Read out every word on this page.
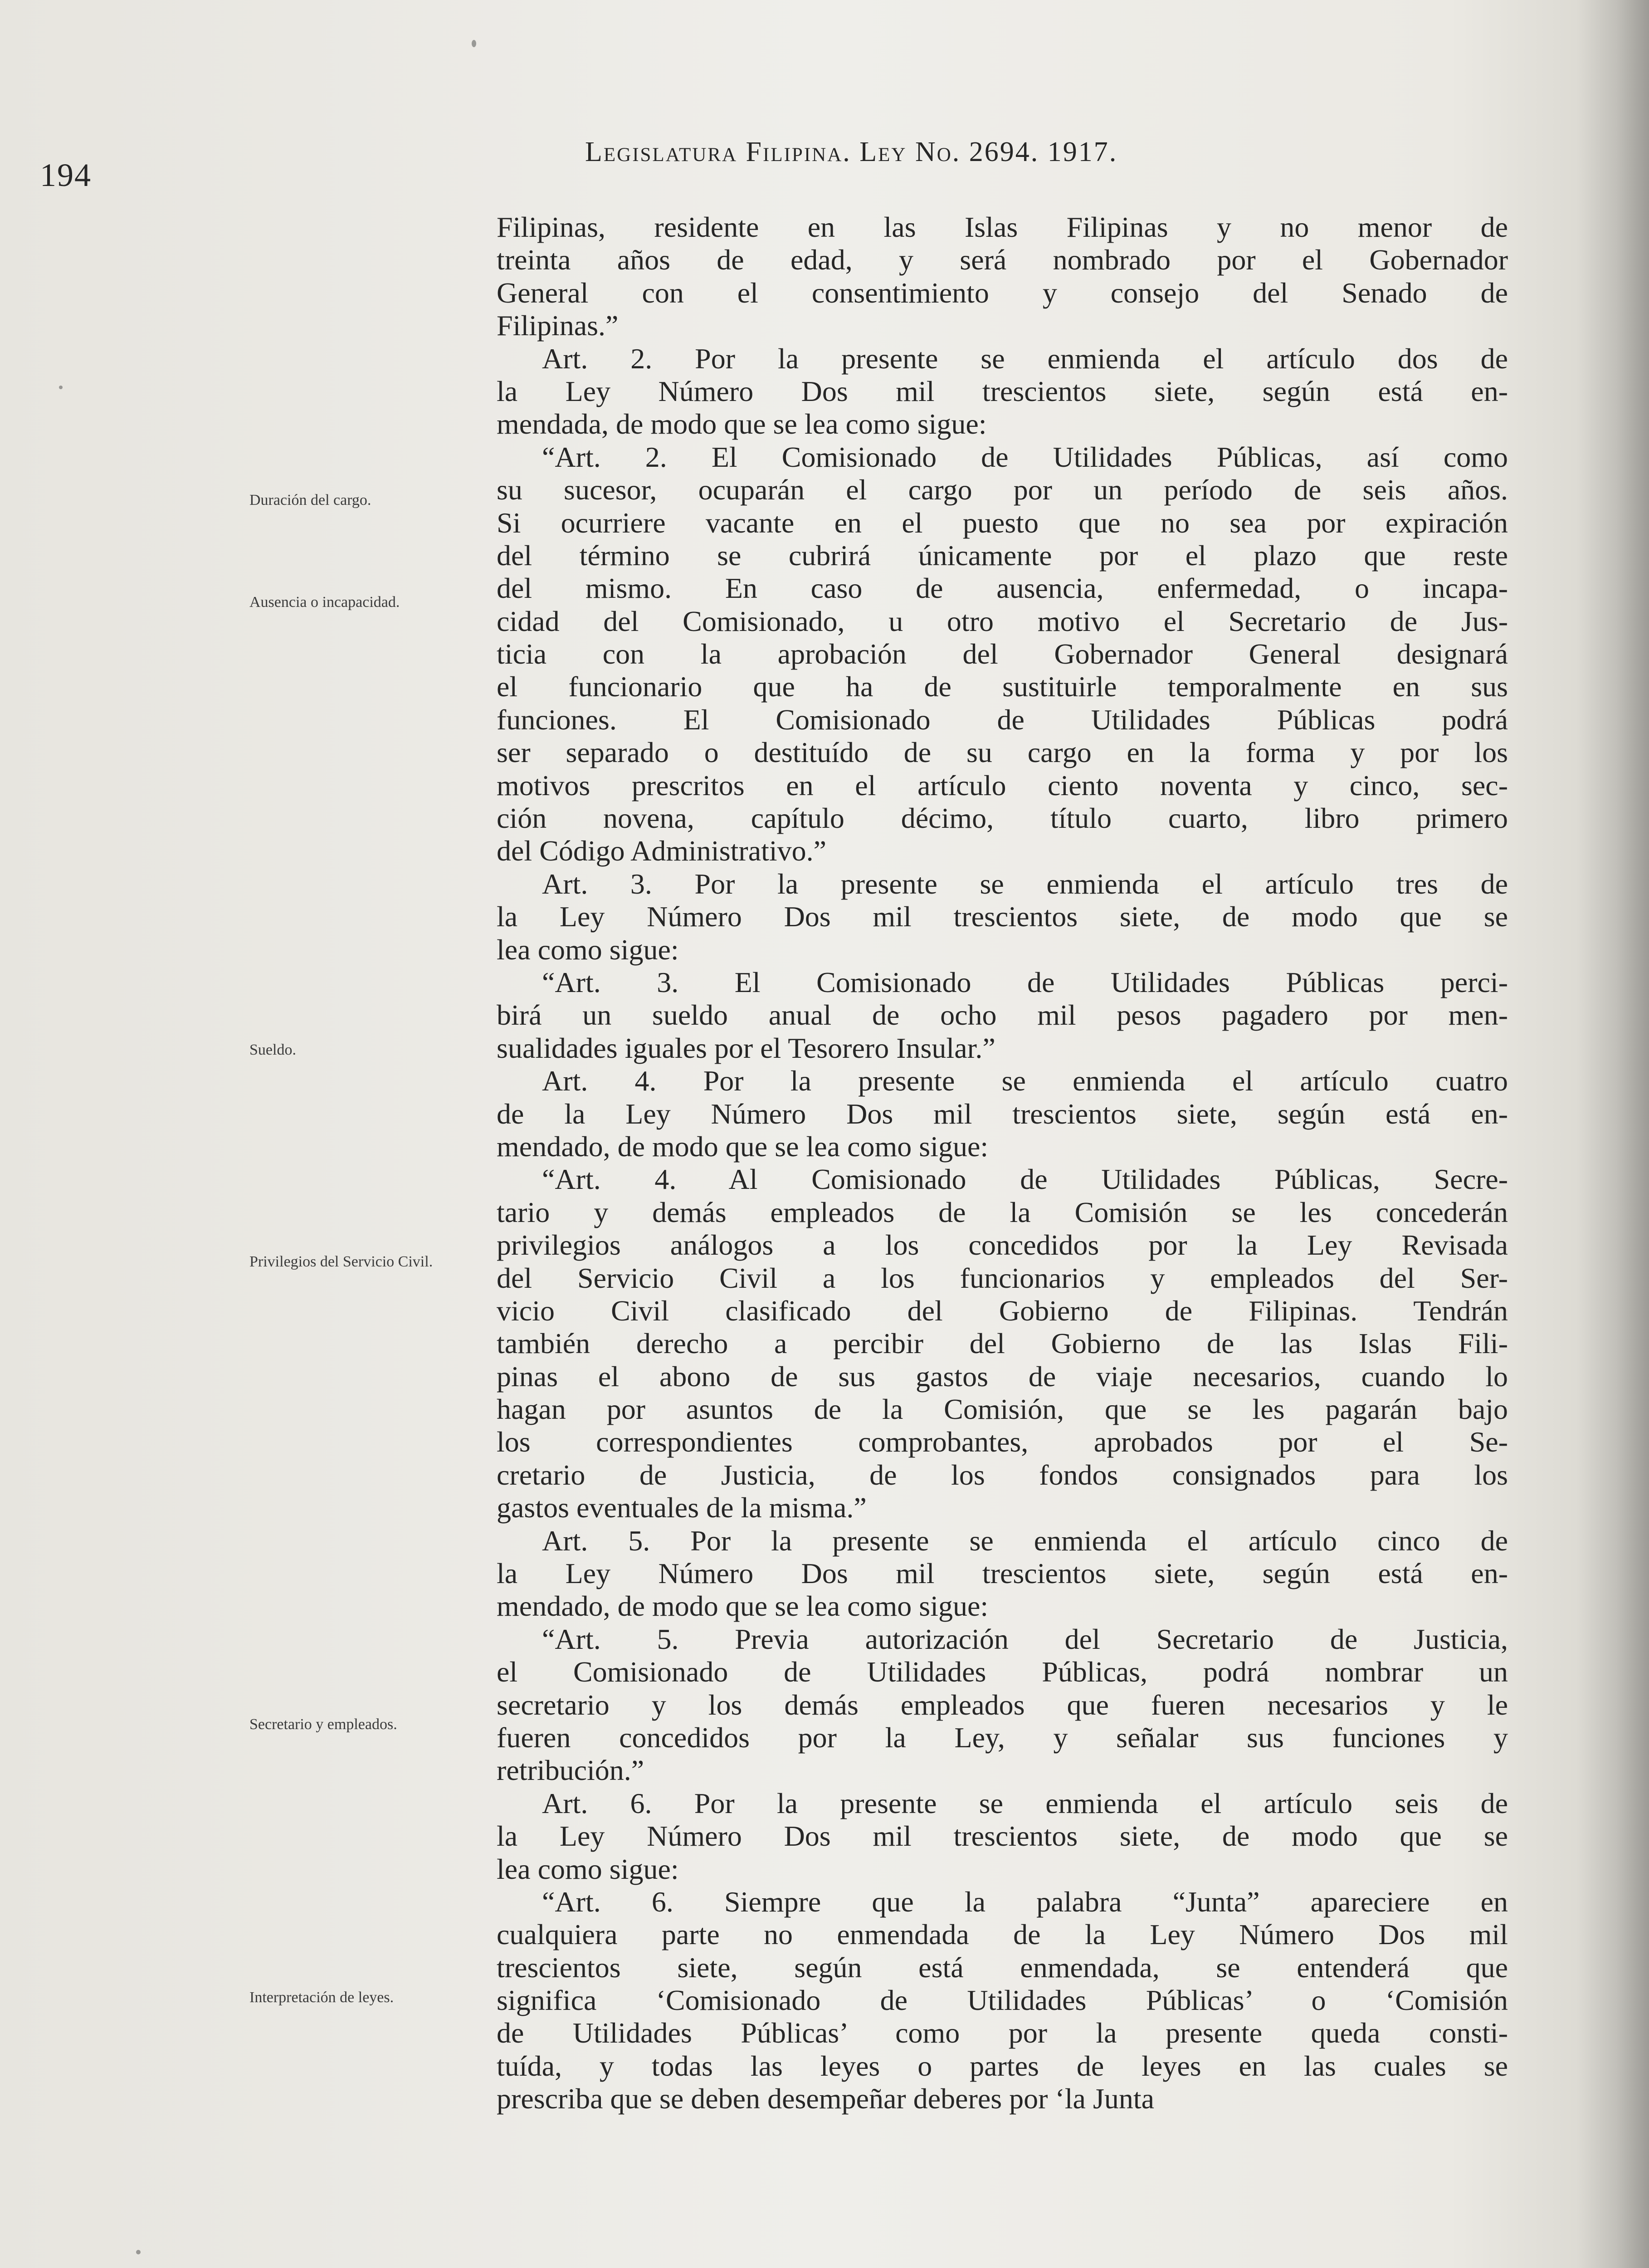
194
Legislatura Filipina. Ley No. 2694. 1917.
Duración del cargo.
Ausencia o incapacidad.
Sueldo.
Privilegios del Servicio Civil.
Secretario y empleados.
Interpretación de leyes.
Filipinas, residente en las Islas Filipinas y no menor de
treinta años de edad, y será nombrado por el Gobernador
General con el consentimiento y consejo del Senado de
Filipinas.”
Art. 2. Por la presente se enmienda el artículo dos de
la Ley Número Dos mil trescientos siete, según está en-
mendada, de modo que se lea como sigue:
“Art. 2. El Comisionado de Utilidades Públicas, así como
su sucesor, ocuparán el cargo por un período de seis años.
Si ocurriere vacante en el puesto que no sea por expiración
del término se cubrirá únicamente por el plazo que reste
del mismo. En caso de ausencia, enfermedad, o incapa-
cidad del Comisionado, u otro motivo el Secretario de Jus-
ticia con la aprobación del Gobernador General designará
el funcionario que ha de sustituirle temporalmente en sus
funciones. El Comisionado de Utilidades Públicas podrá
ser separado o destituído de su cargo en la forma y por los
motivos prescritos en el artículo ciento noventa y cinco, sec-
ción novena, capítulo décimo, título cuarto, libro primero
del Código Administrativo.”
Art. 3. Por la presente se enmienda el artículo tres de
la Ley Número Dos mil trescientos siete, de modo que se
lea como sigue:
“Art. 3. El Comisionado de Utilidades Públicas perci-
birá un sueldo anual de ocho mil pesos pagadero por men-
sualidades iguales por el Tesorero Insular.”
Art. 4. Por la presente se enmienda el artículo cuatro
de la Ley Número Dos mil trescientos siete, según está en-
mendado, de modo que se lea como sigue:
“Art. 4. Al Comisionado de Utilidades Públicas, Secre-
tario y demás empleados de la Comisión se les concederán
privilegios análogos a los concedidos por la Ley Revisada
del Servicio Civil a los funcionarios y empleados del Ser-
vicio Civil clasificado del Gobierno de Filipinas. Tendrán
también derecho a percibir del Gobierno de las Islas Fili-
pinas el abono de sus gastos de viaje necesarios, cuando lo
hagan por asuntos de la Comisión, que se les pagarán bajo
los correspondientes comprobantes, aprobados por el Se-
cretario de Justicia, de los fondos consignados para los
gastos eventuales de la misma.”
Art. 5. Por la presente se enmienda el artículo cinco de
la Ley Número Dos mil trescientos siete, según está en-
mendado, de modo que se lea como sigue:
“Art. 5. Previa autorización del Secretario de Justicia,
el Comisionado de Utilidades Públicas, podrá nombrar un
secretario y los demás empleados que fueren necesarios y le
fueren concedidos por la Ley, y señalar sus funciones y
retribución.”
Art. 6. Por la presente se enmienda el artículo seis de
la Ley Número Dos mil trescientos siete, de modo que se
lea como sigue:
“Art. 6. Siempre que la palabra “Junta” apareciere en
cualquiera parte no enmendada de la Ley Número Dos mil
trescientos siete, según está enmendada, se entenderá que
significa ‘Comisionado de Utilidades Públicas’ o ‘Comisión
de Utilidades Públicas’ como por la presente queda consti-
tuída, y todas las leyes o partes de leyes en las cuales se
prescriba que se deben desempeñar deberes por ‘la Junta
